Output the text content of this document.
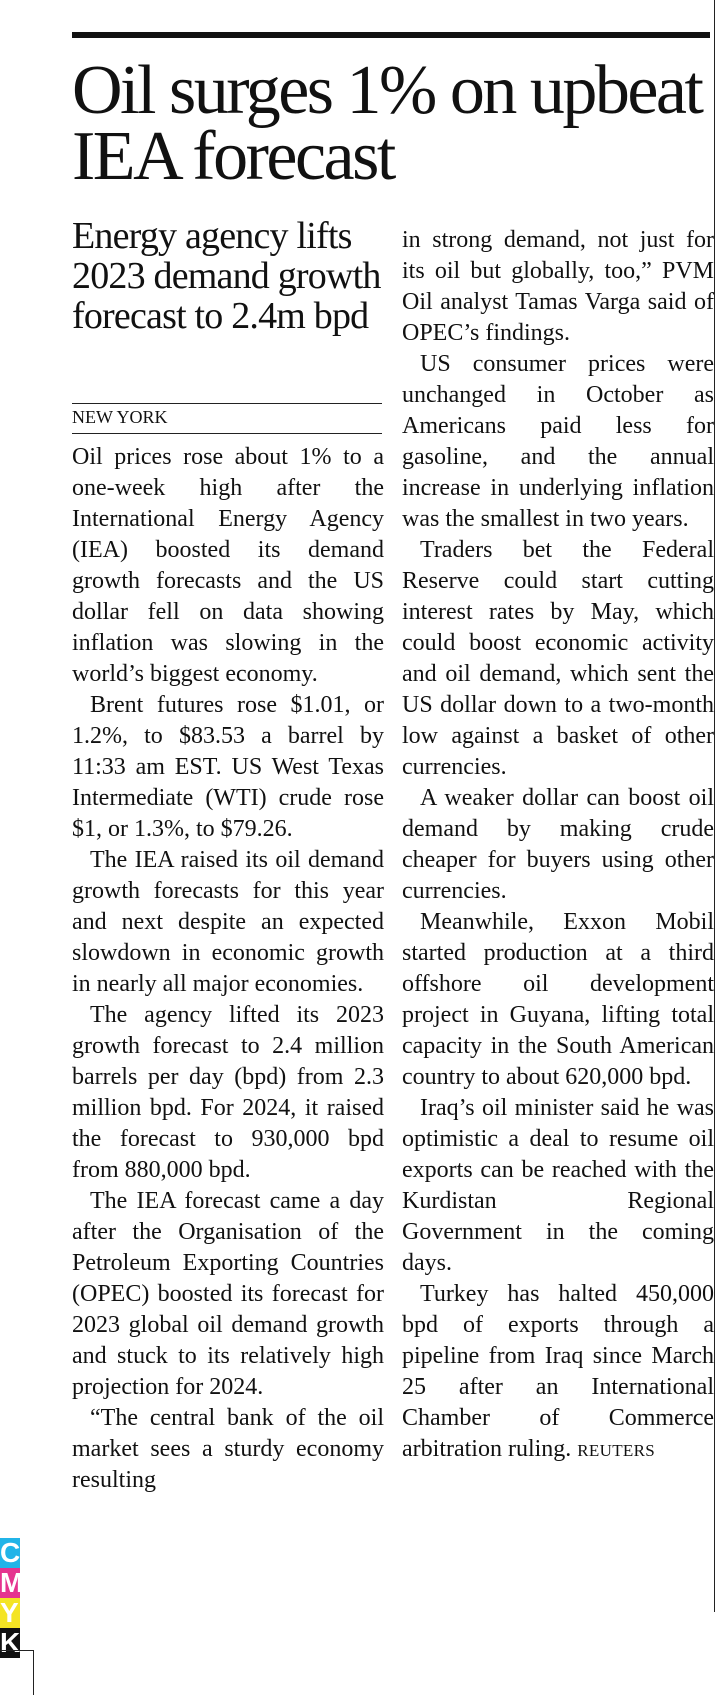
Oil surges 1% on upbeat IEA forecast
Energy agency lifts 2023 demand growth forecast to 2.4m bpd
NEW YORK

Oil prices rose about 1% to a one-week high after the International Energy Agency (IEA) boosted its demand growth forecasts and the US dollar fell on data showing inflation was slowing in the world’s biggest economy.

Brent futures rose $1.01, or 1.2%, to $83.53 a barrel by 11:33 am EST. US West Texas Intermediate (WTI) crude rose $1, or 1.3%, to $79.26.

The IEA raised its oil demand growth forecasts for this year and next despite an expected slowdown in economic growth in nearly all major economies.

The agency lifted its 2023 growth forecast to 2.4 million barrels per day (bpd) from 2.3 million bpd. For 2024, it raised the forecast to 930,000 bpd from 880,000 bpd.

The IEA forecast came a day after the Organisation of the Petroleum Exporting Countries (OPEC) boosted its forecast for 2023 global oil demand growth and stuck to its relatively high projection for 2024.

“The central bank of the oil market sees a sturdy economy resulting

in strong demand, not just for its oil but globally, too,” PVM Oil analyst Tamas Varga said of OPEC’s findings.

US consumer prices were unchanged in October as Americans paid less for gasoline, and the annual increase in underlying inflation was the smallest in two years.

Traders bet the Federal Reserve could start cutting interest rates by May, which could boost economic activity and oil demand, which sent the US dollar down to a two-month low against a basket of other currencies.

A weaker dollar can boost oil demand by making crude cheaper for buyers using other currencies.

Meanwhile, Exxon Mobil started production at a third offshore oil development project in Guyana, lifting total capacity in the South American country to about 620,000 bpd.

Iraq’s oil minister said he was optimistic a deal to resume oil exports can be reached with the Kurdistan Regional Government in the coming days.

Turkey has halted 450,000 bpd of exports through a pipeline from Iraq since March 25 after an International Chamber of Commerce arbitration ruling. REUTERS

C
M
Y
K
